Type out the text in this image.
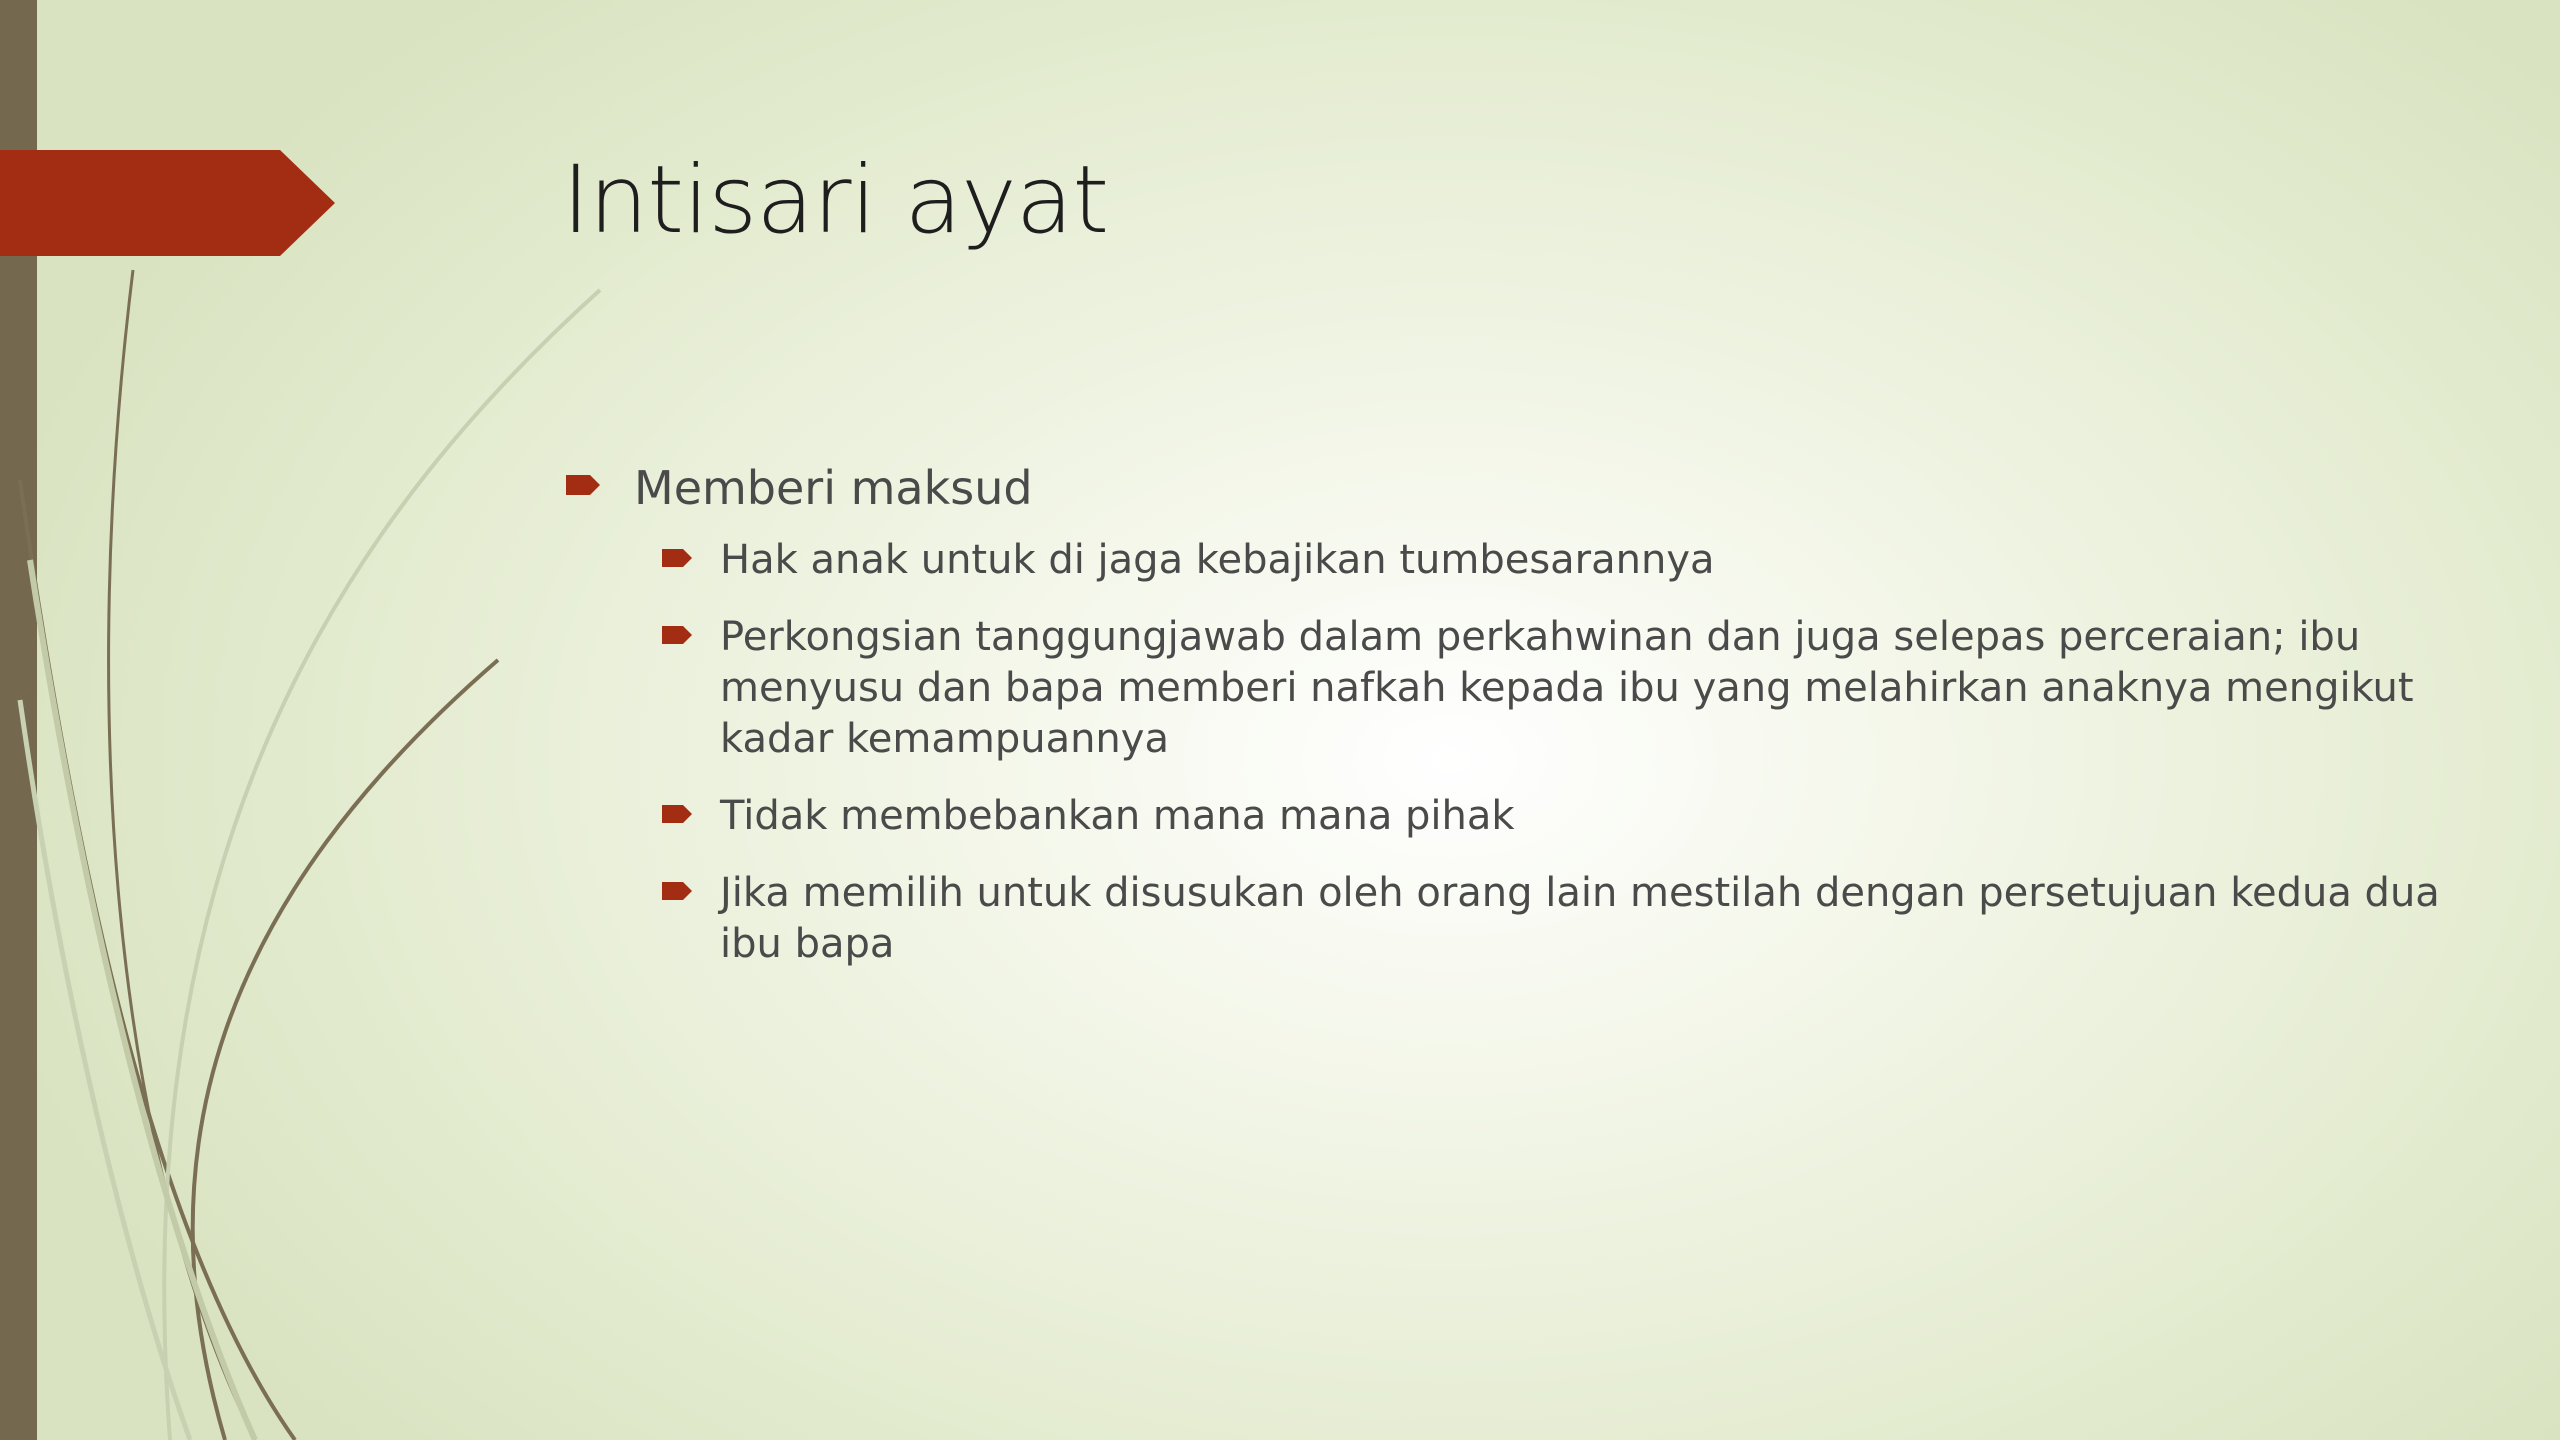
Intisari ayat
Memberi maksud
Hak anak untuk di jaga kebajikan tumbesarannya
Perkongsian tanggungjawab dalam perkahwinan dan juga selepas perceraian; ibu menyusu dan bapa memberi nafkah kepada ibu yang melahirkan anaknya mengikut kadar kemampuannya
Tidak membebankan mana mana pihak
Jika memilih untuk disusukan oleh orang lain mestilah dengan persetujuan kedua dua ibu bapa
